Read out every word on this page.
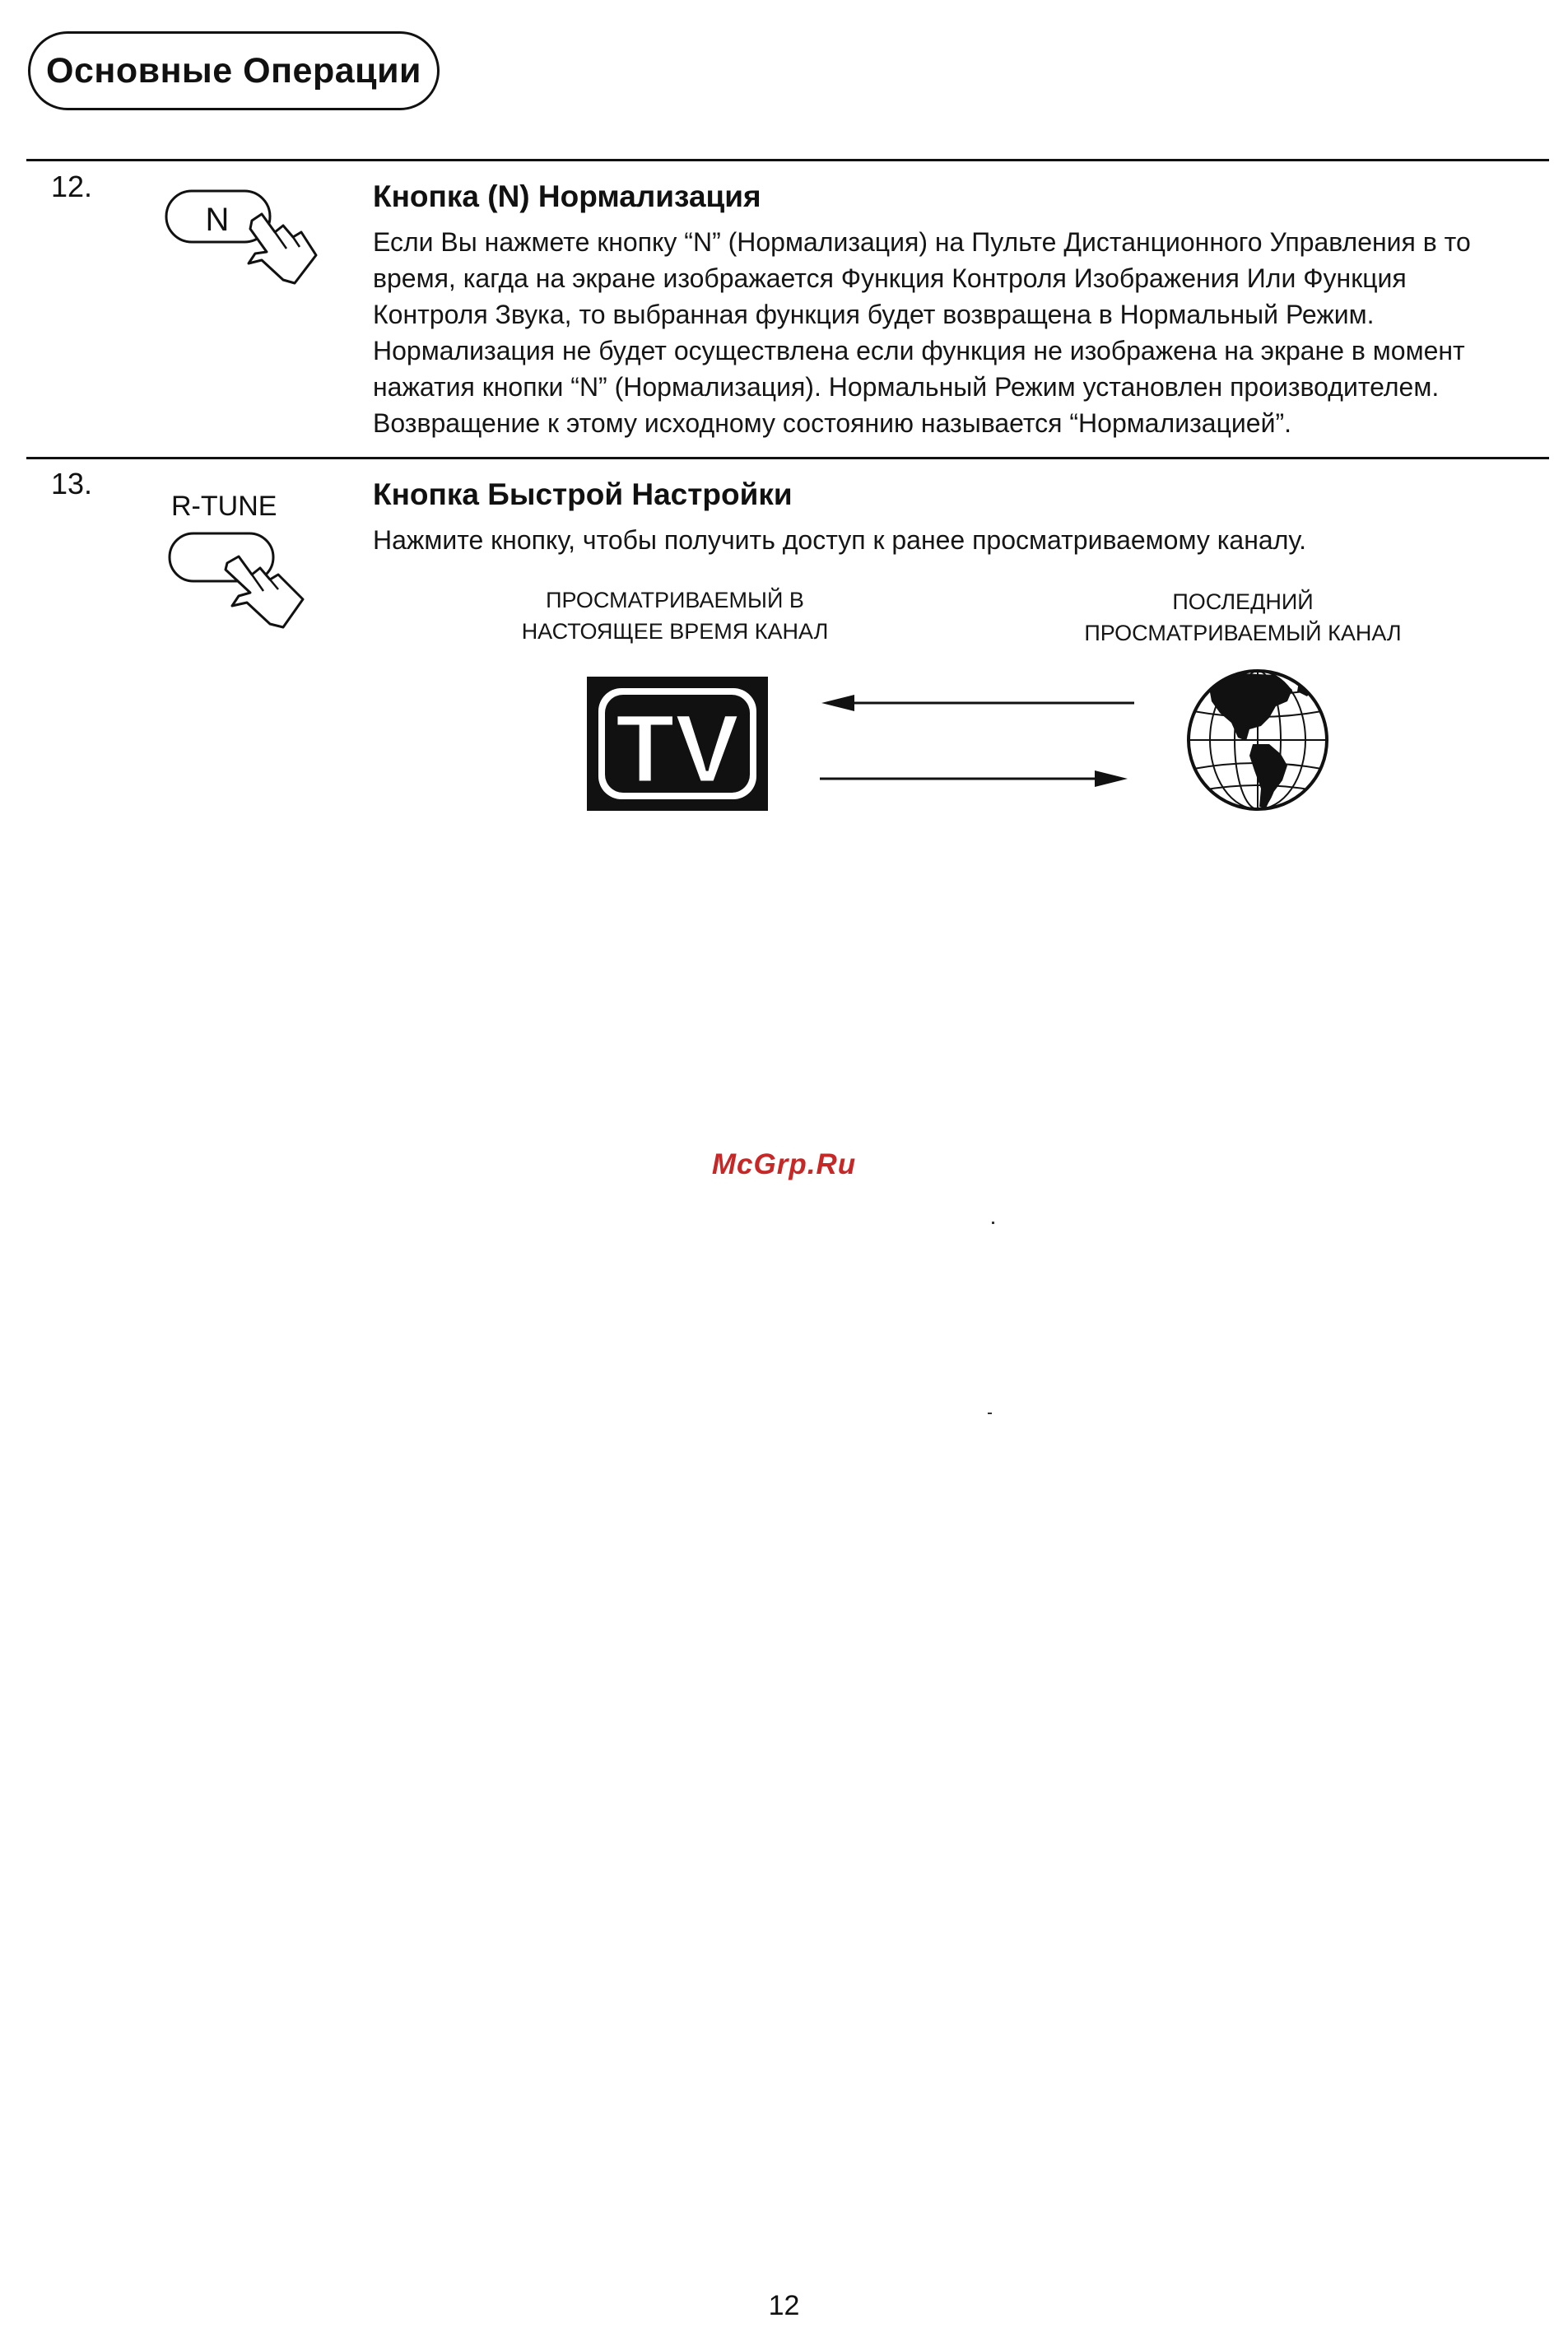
Основные Операции
12.
N
Кнопка (N) Нормализация

Если Вы нажмете кнопку “N” (Нормализация) на Пульте Дистанционного Управления в то

время, кагда на экране изображается Функция Контроля Изображения Или Функция

Контроля Звука, то выбранная функция будет возвращена в Нормальный Режим.

Нормализация не будет осуществлена если функция не изображена на экране в момент

нажатия кнопки “N” (Нормализация). Нормальный Режим установлен производителем.

Возвращение к этому исходному состоянию называется “Нормализацией”.

13.
R-TUNE	Кнопка Быстрой Настройки

Нажмите кнопку, чтобы получить доступ к ранее просматриваемому каналу.

ПРОСМАТРИВАЕМЫЙ В
НАСТОЯЩЕЕ ВРЕМЯ КАНАЛ
ПОСЛЕДНИЙ
ПРОСМАТРИВАЕМЫЙ КАНАЛ
TV
McGrp.Ru
12
